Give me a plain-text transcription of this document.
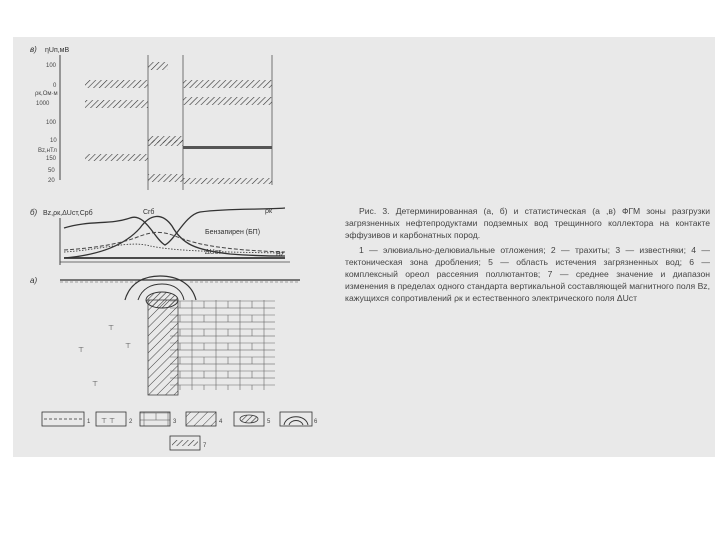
в) ηUп,мВ
100
0
ρк,Ом·м
1000
100
10
Bz,нТл
150
50
20
б) Bz,ρк,ΔUст,Cрб	Сrб	ρк
Бензапирен (БП)
ΔUст	Bz
а)
⊤
⊤
⊤
⊤
1 ⊤ ⊤ 2	3	4	5	6
7

Рис. 3. Детерминированная (а, б) и статистическая (а ,в) ФГМ зоны разгрузки загрязненных нефтепродуктами подземных вод трещинного коллектора на контакте эффузивов и карбонатных пород.

1 — элювиально-делювиальные отложения; 2 — трахиты; 3 — известняки; 4 — тектоническая зона дробления; 5 — область истечения загрязненных вод; 6 — комплексный ореол рассеяния поллютантов; 7 — среднее значение и диапазон изменения в пределах одного стандарта вертикальной составляющей магнитного поля Bz, кажущихся сопротивлений ρк и естественного электрического поля ΔUст
